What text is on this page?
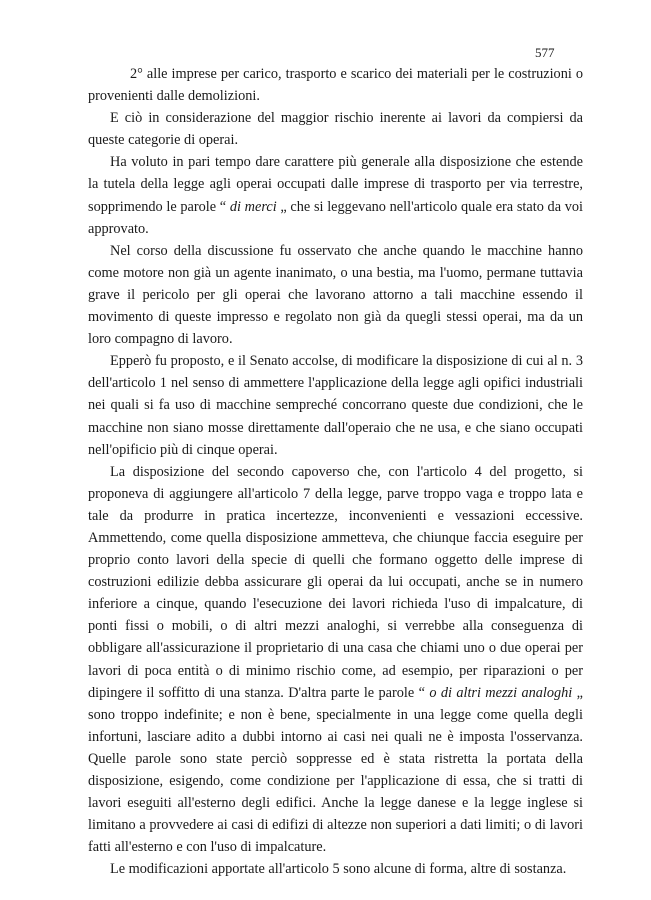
577

2° alle imprese per carico, trasporto e scarico dei materiali per le costruzioni o provenienti dalle demolizioni.

E ciò in considerazione del maggior rischio inerente ai lavori da compiersi da queste categorie di operai.

Ha voluto in pari tempo dare carattere più generale alla disposizione che estende la tutela della legge agli operai occupati dalle imprese di trasporto per via terrestre, sopprimendo le parole “ di merci „ che si leggevano nell'articolo quale era stato da voi approvato.

Nel corso della discussione fu osservato che anche quando le macchine hanno come motore non già un agente inanimato, o una bestia, ma l'uomo, permane tuttavia grave il pericolo per gli operai che lavorano attorno a tali macchine essendo il movimento di queste impresso e regolato non già da quegli stessi operai, ma da un loro compagno di lavoro.

Epperò fu proposto, e il Senato accolse, di modificare la disposizione di cui al n. 3 dell'articolo 1 nel senso di ammettere l'applicazione della legge agli opifici industriali nei quali si fa uso di macchine sempreché concorrano queste due condizioni, che le macchine non siano mosse direttamente dall'operaio che ne usa, e che siano occupati nell'opificio più di cinque operai.

La disposizione del secondo capoverso che, con l'articolo 4 del progetto, si proponeva di aggiungere all'articolo 7 della legge, parve troppo vaga e troppo lata e tale da produrre in pratica incertezze, inconvenienti e vessazioni eccessive. Ammettendo, come quella disposizione ammetteva, che chiunque faccia eseguire per proprio conto lavori della specie di quelli che formano oggetto delle imprese di costruzioni edilizie debba assicurare gli operai da lui occupati, anche se in numero inferiore a cinque, quando l'esecuzione dei lavori richieda l'uso di impalcature, di ponti fissi o mobili, o di altri mezzi analoghi, si verrebbe alla conseguenza di obbligare all'assicurazione il proprietario di una casa che chiami uno o due operai per lavori di poca entità o di minimo rischio come, ad esempio, per riparazioni o per dipingere il soffitto di una stanza. D'altra parte le parole “ o di altri mezzi analoghi „ sono troppo indefinite; e non è bene, specialmente in una legge come quella degli infortuni, lasciare adito a dubbi intorno ai casi nei quali ne è imposta l'osservanza. Quelle parole sono state perciò soppresse ed è stata ristretta la portata della disposizione, esigendo, come condizione per l'applicazione di essa, che si tratti di lavori eseguiti all'esterno degli edifici. Anche la legge danese e la legge inglese si limitano a provvedere ai casi di edifizi di altezze non superiori a dati limiti; o di lavori fatti all'esterno e con l'uso di impalcature.

Le modificazioni apportate all'articolo 5 sono alcune di forma, altre di sostanza.
